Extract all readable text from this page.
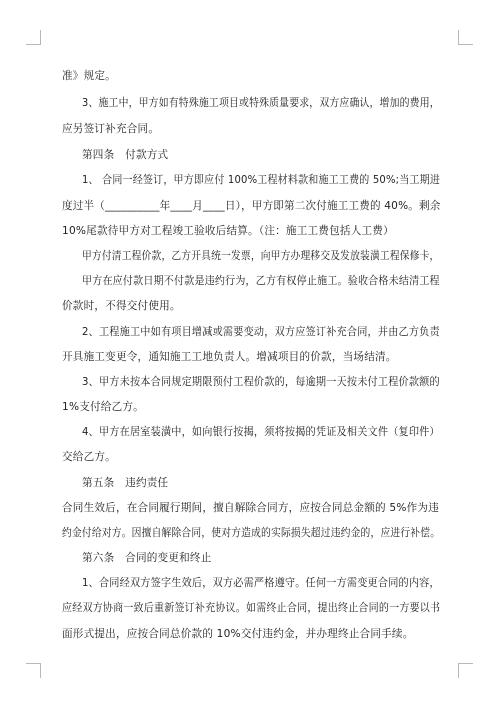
准》规定。

3、施工中，甲方如有特殊施工项目或特殊质量要求，双方应确认，增加的费用，

应另签订补充合同。

第四条　付款方式

1、 合同一经签订，甲方即应付 100%工程材料款和施工工费的 50%;当工期进

度过半（__________年____月____日），甲方即第二次付施工工费的 40%。剩余

10%尾款待甲方对工程竣工验收后结算。（注：施工工费包括人工费）

甲方付清工程价款，乙方开具统一发票，向甲方办理移交及发放装潢工程保修卡，

甲方在应付款日期不付款是违约行为，乙方有权停止施工。验收合格未结清工程

价款时，不得交付使用。

2、工程施工中如有项目增减或需要变动，双方应签订补充合同，并由乙方负责

开具施工变更令，通知施工工地负责人。增减项目的价款，当场结清。

3、甲方未按本合同规定期限预付工程价款的，每逾期一天按未付工程价款额的

1%支付给乙方。

4、甲方在居室装潢中，如向银行按揭，须将按揭的凭证及相关文件（复印件）

交给乙方。

第五条　违约责任

合同生效后，在合同履行期间，擅自解除合同方，应按合同总金额的 5%作为违

约金付给对方。因擅自解除合同，使对方造成的实际损失超过违约金的，应进行补偿。

第六条　合同的变更和终止

1、合同经双方签字生效后，双方必需严格遵守。任何一方需变更合同的内容，

应经双方协商一致后重新签订补充协议。如需终止合同，提出终止合同的一方要以书

面形式提出，应按合同总价款的 10%交付违约金，并办理终止合同手续。
